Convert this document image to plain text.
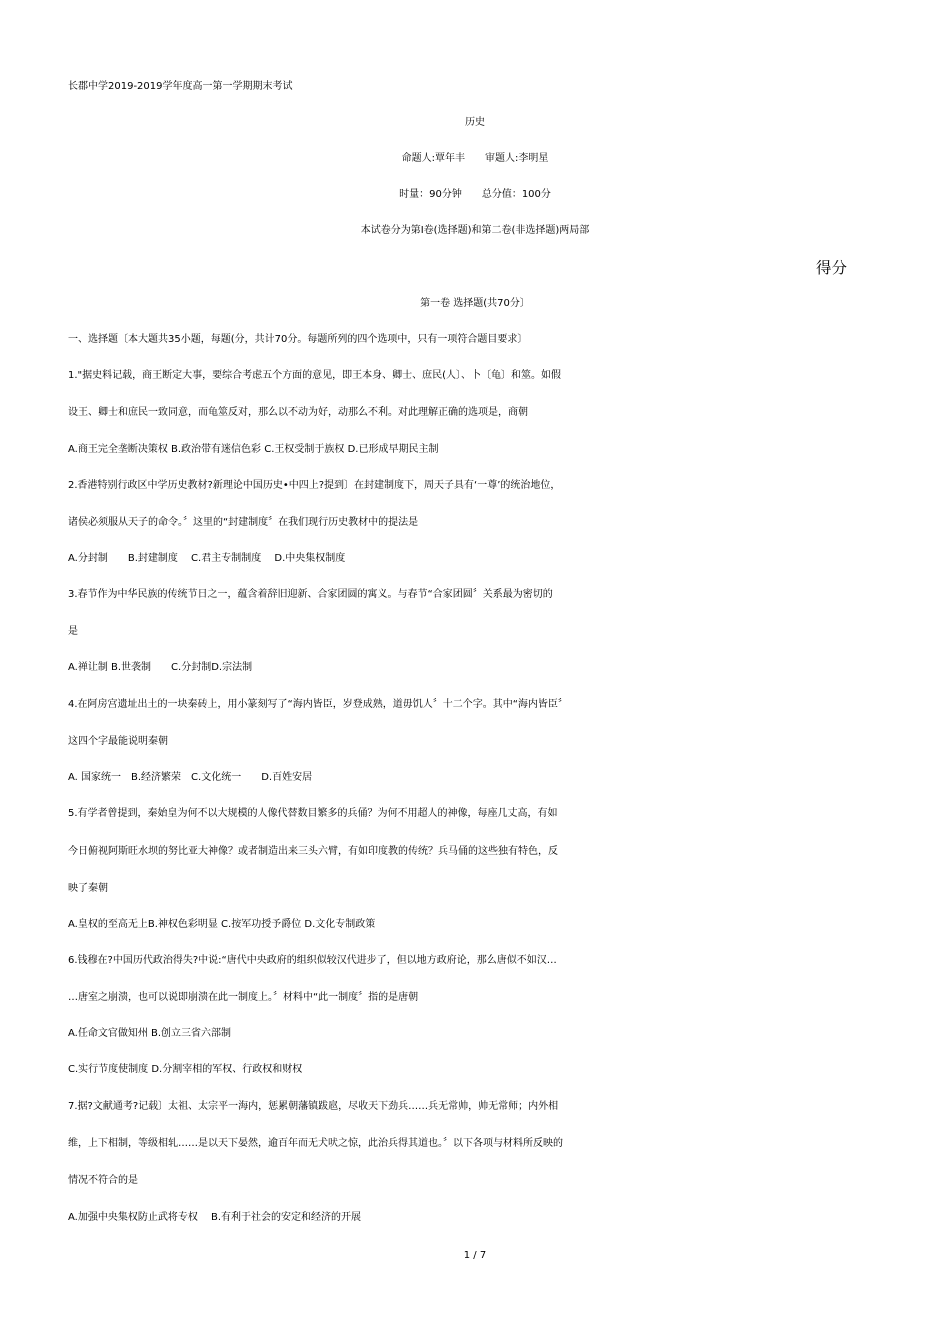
长郡中学2019-2019学年度高一第一学期期末考试
历史
命题人:覃年丰　　审题人:李明星
时量：90分钟　　总分值：100分
本试卷分为第I卷(选择题)和第二卷(非选择题)两局部
得分
第一卷 选择题(共70分〕
一、选择题〔本大题共35小题，每题(分，共计70分。每题所列的四个选项中，只有一项符合题目要求〕
1."据史料记载，商王断定大事，要综合考虑五个方面的意见，即王本身、卿士、庶民(人〕、卜〔龟〕和筮。如假
设王、卿士和庶民一致同意，而龟筮反对，那么以不动为好，动那么不利。对此理解正确的选项是，商朝
A.商王完全垄断决策权 B.政治带有迷信色彩 C.王权受制于族权 D.已形成早期民主制
2.香港特别行政区中学历史教材?新理论中国历史•中四上?提到〕在封建制度下，周天子具有‘一尊’的统治地位，
诸侯必须服从天子的命令。〞这里的“封建制度〞在我们现行历史教材中的提法是
A.分封制　　B.封建制度　 C.君主专制制度　 D.中央集权制度
3.春节作为中华民族的传统节日之一，蕴含着辞旧迎新、合家团圆的寓义。与春节“合家团圆〞关系最为密切的
是
A.禅让制 B.世袭制　　C.分封制D.宗法制
4.在阿房宫遗址出土的一块秦砖上，用小篆刻写了“海内皆臣，岁登成熟，道毋饥人〞十二个字。其中“海内皆臣〞
这四个字最能说明秦朝
A. 国家统一　B.经济繁荣　C.文化统一　　D.百姓安居
5.有学者曾提到，秦始皇为何不以大规模的人像代替数目繁多的兵俑？为何不用超人的神像，每座几丈高，有如
今日俯视阿斯旺水坝的努比亚大神像？或者制造出来三头六臂，有如印度教的传统？兵马俑的这些独有特色，反
映了秦朝
A.皇权的至高无上B.神权色彩明显 C.按军功授予爵位 D.文化专制政策
6.钱穆在?中国历代政治得失?中说:“唐代中央政府的组织似较汉代进步了，但以地方政府论，那么唐似不如汉…
…唐室之崩溃，也可以说即崩溃在此一制度上。〞材料中“此一制度〞指的是唐朝
A.任命文官做知州 B.创立三省六部制
C.实行节度使制度 D.分割宰相的军权、行政权和财权
7.据?文献通考?记载〕太祖、太宗平一海内，惩累朝藩镇跋扈，尽收天下劲兵……兵无常帅，帅无常师；内外相
维，上下相制，等级相轧……是以天下晏然，逾百年而无犬吠之惊，此治兵得其道也。〞以下各项与材料所反映的
情况不符合的是
A.加强中央集权防止武将专权　 B.有利于社会的安定和经济的开展
1 / 7
